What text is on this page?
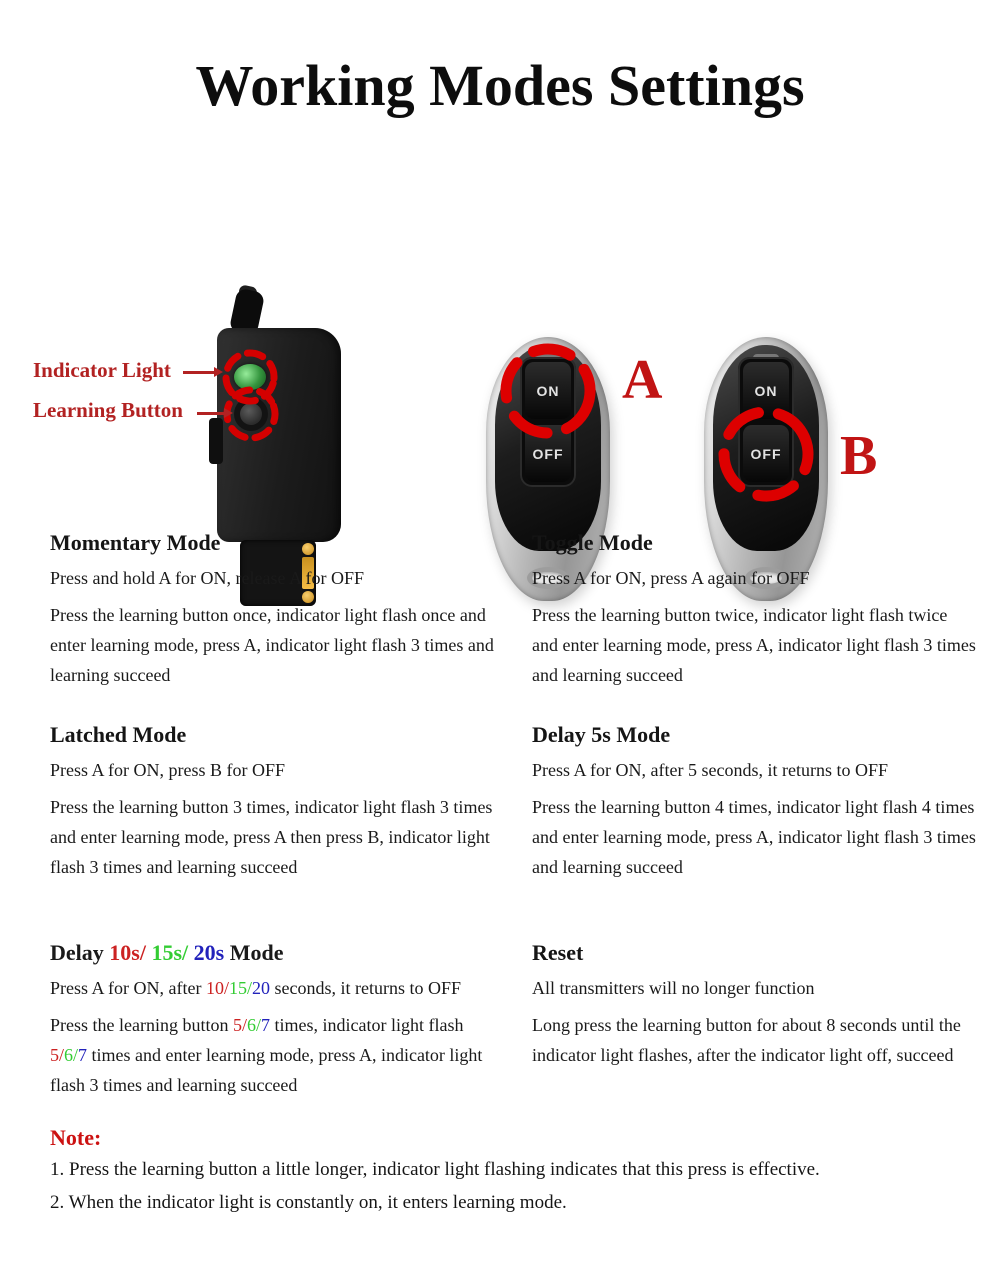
Working Modes Settings
Indicator Light
Learning Button
ON
OFF
ON
OFF
A
B
Momentary Mode

Press and hold A for ON, release A for OFF

Press the learning button once, indicator light flash once and enter learning mode, press A, indicator light flash 3 times and learning succeed

Toggle Mode

Press A for ON, press A again for OFF

Press the learning button twice, indicator light flash twice and enter learning mode, press A, indicator light flash 3 times and learning succeed

Latched Mode

Press A for ON, press B for OFF

Press the learning button 3 times, indicator light flash 3 times and enter learning mode, press A then press B, indicator light flash 3 times and learning succeed

Delay 5s Mode

Press A for ON, after 5 seconds, it returns to OFF

Press the learning button 4 times, indicator light flash 4 times and enter learning mode, press A, indicator light flash 3 times and learning succeed

Delay 10s/ 15s/ 20s Mode

Press A for ON, after 10/15/20 seconds, it returns to OFF

Press the learning button 5/6/7 times, indicator light flash 5/6/7 times and enter learning mode, press A, indicator light flash 3 times and learning succeed

Reset

All transmitters will no longer function

Long press the learning button for about 8 seconds until the indicator light flashes, after the indicator light off, succeed

Note:

1. Press the learning button a little longer, indicator light flashing indicates that this press is effective.

2. When the indicator light is constantly on, it enters learning mode.
